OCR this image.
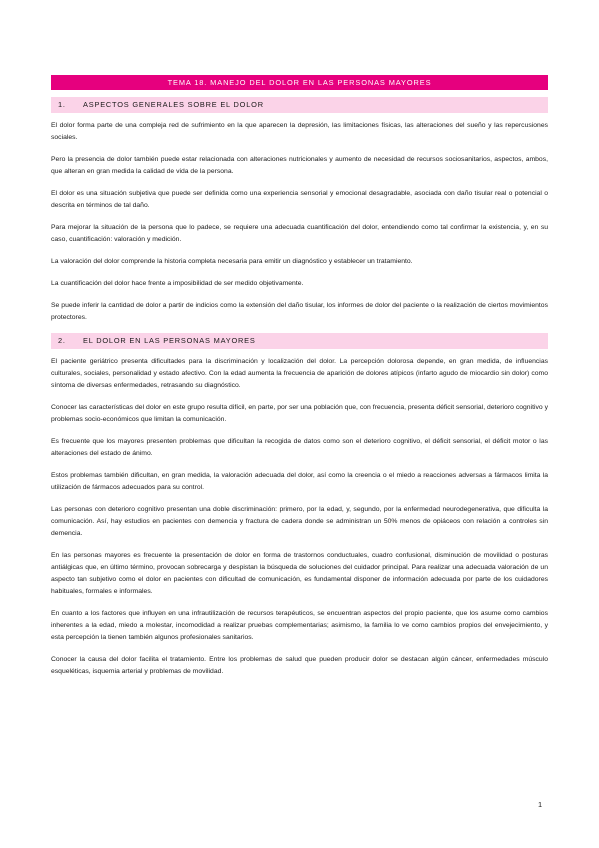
TEMA 18. MANEJO DEL DOLOR EN LAS PERSONAS MAYORES
1. ASPECTOS GENERALES SOBRE EL DOLOR

El dolor forma parte de una compleja red de sufrimiento en la que aparecen la depresión, las limitaciones físicas, las alteraciones del sueño y las repercusiones sociales.

Pero la presencia de dolor también puede estar relacionada con alteraciones nutricionales y aumento de necesidad de recursos sociosanitarios, aspectos, ambos, que alteran en gran medida la calidad de vida de la persona.

El dolor es una situación subjetiva que puede ser definida como una experiencia sensorial y emocional desagradable, asociada con daño tisular real o potencial o descrita en términos de tal daño.

Para mejorar la situación de la persona que lo padece, se requiere una adecuada cuantificación del dolor, entendiendo como tal confirmar la existencia, y, en su caso, cuantificación: valoración y medición.

La valoración del dolor comprende la historia completa necesaria para emitir un diagnóstico y establecer un tratamiento.

La cuantificación del dolor hace frente a imposibilidad de ser medido objetivamente.

Se puede inferir la cantidad de dolor a partir de indicios como la extensión del daño tisular, los informes de dolor del paciente o la realización de ciertos movimientos protectores.

2. EL DOLOR EN LAS PERSONAS MAYORES

El paciente geriátrico presenta dificultades para la discriminación y localización del dolor. La percepción dolorosa depende, en gran medida, de influencias culturales, sociales, personalidad y estado afectivo. Con la edad aumenta la frecuencia de aparición de dolores atípicos (infarto agudo de miocardio sin dolor) como síntoma de diversas enfermedades, retrasando su diagnóstico.

Conocer las características del dolor en este grupo resulta difícil, en parte, por ser una población que, con frecuencia, presenta déficit sensorial, deterioro cognitivo y problemas socio-económicos que limitan la comunicación.

Es frecuente que los mayores presenten problemas que dificultan la recogida de datos como son el deterioro cognitivo, el déficit sensorial, el déficit motor o las alteraciones del estado de ánimo.

Estos problemas también dificultan, en gran medida, la valoración adecuada del dolor, así como la creencia o el miedo a reacciones adversas a fármacos limita la utilización de fármacos adecuados para su control.

Las personas con deterioro cognitivo presentan una doble discriminación: primero, por la edad, y, segundo, por la enfermedad neurodegenerativa, que dificulta la comunicación. Así, hay estudios en pacientes con demencia y fractura de cadera donde se administran un 50% menos de opiáceos con relación a controles sin demencia.

En las personas mayores es frecuente la presentación de dolor en forma de trastornos conductuales, cuadro confusional, disminución de movilidad o posturas antiálgicas que, en último término, provocan sobrecarga y despistan la búsqueda de soluciones del cuidador principal. Para realizar una adecuada valoración de un aspecto tan subjetivo como el dolor en pacientes con dificultad de comunicación, es fundamental disponer de información adecuada por parte de los cuidadores habituales, formales e informales.

En cuanto a los factores que influyen en una infrautilización de recursos terapéuticos, se encuentran aspectos del propio paciente, que los asume como cambios inherentes a la edad, miedo a molestar, incomodidad a realizar pruebas complementarias; asimismo, la familia lo ve como cambios propios del envejecimiento, y esta percepción la tienen también algunos profesionales sanitarios.

Conocer la causa del dolor facilita el tratamiento. Entre los problemas de salud que pueden producir dolor se destacan algún cáncer, enfermedades músculo esqueléticas, isquemia arterial y problemas de movilidad.

1
